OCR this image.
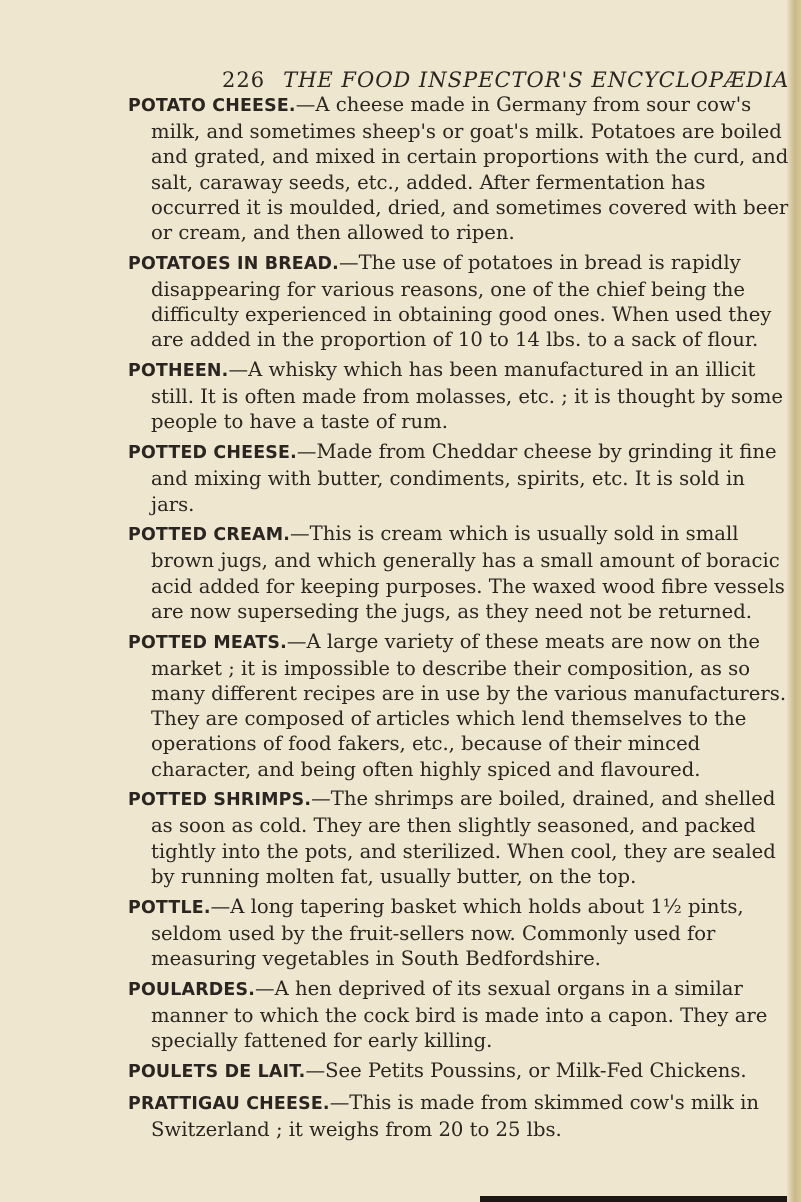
226 THE FOOD INSPECTOR'S ENCYCLOPÆDIA

POTATO CHEESE.—A cheese made in Germany from sour cow's milk, and sometimes sheep's or goat's milk. Potatoes are boiled and grated, and mixed in certain proportions with the curd, and salt, caraway seeds, etc., added. After fermentation has occurred it is moulded, dried, and sometimes covered with beer or cream, and then allowed to ripen.

POTATOES IN BREAD.—The use of potatoes in bread is rapidly disappearing for various reasons, one of the chief being the difficulty experienced in obtaining good ones. When used they are added in the proportion of 10 to 14 lbs. to a sack of flour.

POTHEEN.—A whisky which has been manufactured in an illicit still. It is often made from molasses, etc. ; it is thought by some people to have a taste of rum.

POTTED CHEESE.—Made from Cheddar cheese by grinding it fine and mixing with butter, condiments, spirits, etc. It is sold in jars.

POTTED CREAM.—This is cream which is usually sold in small brown jugs, and which generally has a small amount of boracic acid added for keeping purposes. The waxed wood fibre vessels are now superseding the jugs, as they need not be returned.

POTTED MEATS.—A large variety of these meats are now on the market ; it is impossible to describe their composition, as so many different recipes are in use by the various manufacturers. They are composed of articles which lend themselves to the operations of food fakers, etc., because of their minced character, and being often highly spiced and flavoured.

POTTED SHRIMPS.—The shrimps are boiled, drained, and shelled as soon as cold. They are then slightly seasoned, and packed tightly into the pots, and sterilized. When cool, they are sealed by running molten fat, usually butter, on the top.

POTTLE.—A long tapering basket which holds about 1½ pints, seldom used by the fruit-sellers now. Commonly used for measuring vegetables in South Bedfordshire.

POULARDES.—A hen deprived of its sexual organs in a similar manner to which the cock bird is made into a capon. They are specially fattened for early killing.

POULETS DE LAIT.—See Petits Poussins, or Milk-Fed Chickens.

PRATTIGAU CHEESE.—This is made from skimmed cow's milk in Switzerland ; it weighs from 20 to 25 lbs.
